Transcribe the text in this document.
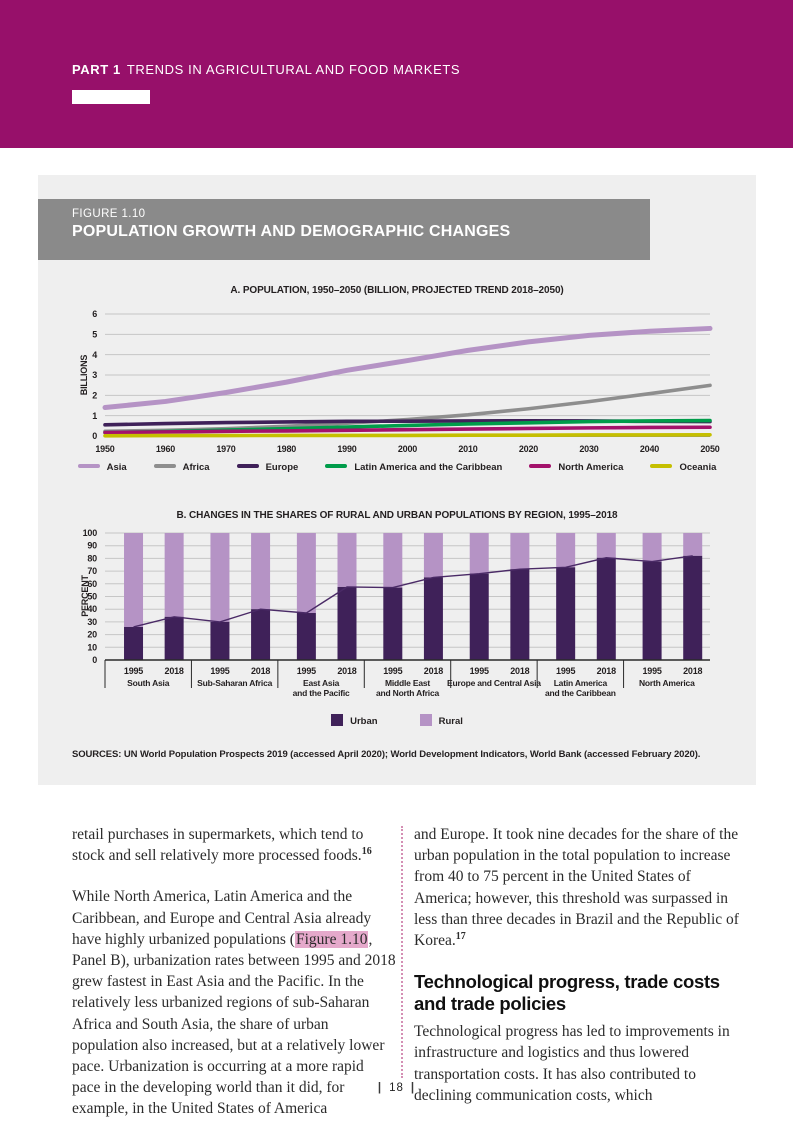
PART 1 TRENDS IN AGRICULTURAL AND FOOD MARKETS
FIGURE 1.10
POPULATION GROWTH AND DEMOGRAPHIC CHANGES
A. POPULATION, 1950–2050 (BILLION, PROJECTED TREND 2018–2050)
0
1
2
3
4
5
6
1950	1960	1970	1980	1990	2000	2010	2020	2030	2040	2050
BILLIONS
Asia	Africa	Europe	Latin America and the Caribbean	North America	Oceania
B. CHANGES IN THE SHARES OF RURAL AND URBAN POPULATIONS BY REGION, 1995–2018
0
10
20
30
40
50
60
70
80
90
100
1995 2018
South Asia
1995 2018
Sub-Saharan Africa
1995 2018
East Asia
and the Pacific
1995 2018
Middle East
and North Africa
1995 2018
Europe and Central Asia
1995 2018
Latin America
and the Caribbean
1995 2018
North America
PERCENT
Urban	Rural
SOURCES: UN World Population Prospects 2019 (accessed April 2020); World Development Indicators, World Bank (accessed February 2020).

retail purchases in supermarkets, which tend to stock and sell relatively more processed foods.$^{16}$

While North America, Latin America and the Caribbean, and Europe and Central Asia already have highly urbanized populations (Figure 1.10, Panel B), urbanization rates between 1995 and 2018 grew fastest in East Asia and the Pacific. In the relatively less urbanized regions of sub-Saharan Africa and South Asia, the share of urban population also increased, but at a relatively lower pace. Urbanization is occurring at a more rapid pace in the developing world than it did, for example, in the United States of America

and Europe. It took nine decades for the share of the urban population in the total population to increase from 40 to 75 percent in the United States of America; however, this threshold was surpassed in less than three decades in Brazil and the Republic of Korea.$^{17}$

Technological progress, trade costs and trade policies

Technological progress has led to improvements in infrastructure and logistics and thus lowered transportation costs. It has also contributed to declining communication costs, which

| 18 |
